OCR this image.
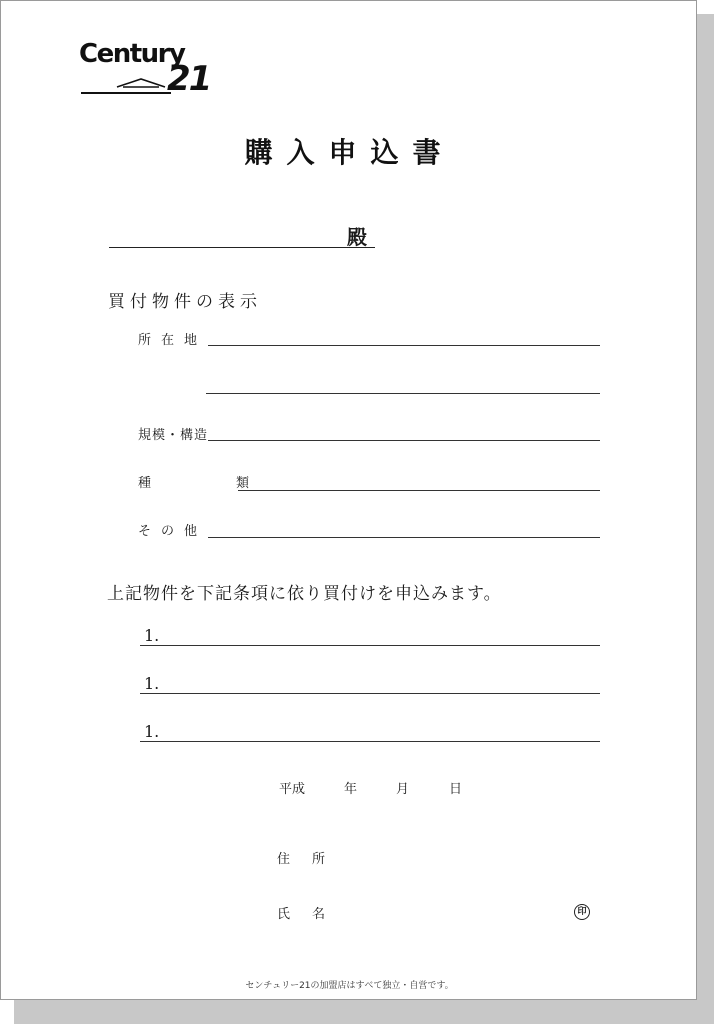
Century
21
購入申込書
殿
買付物件の表示
所在地
規模・構造
種　類
その他
上記物件を下記条項に依り買付けを申込みます。
1.
1.
1.
平成	年	月	日
住所
氏名	印
センチュリー21の加盟店はすべて独立・自営です。
